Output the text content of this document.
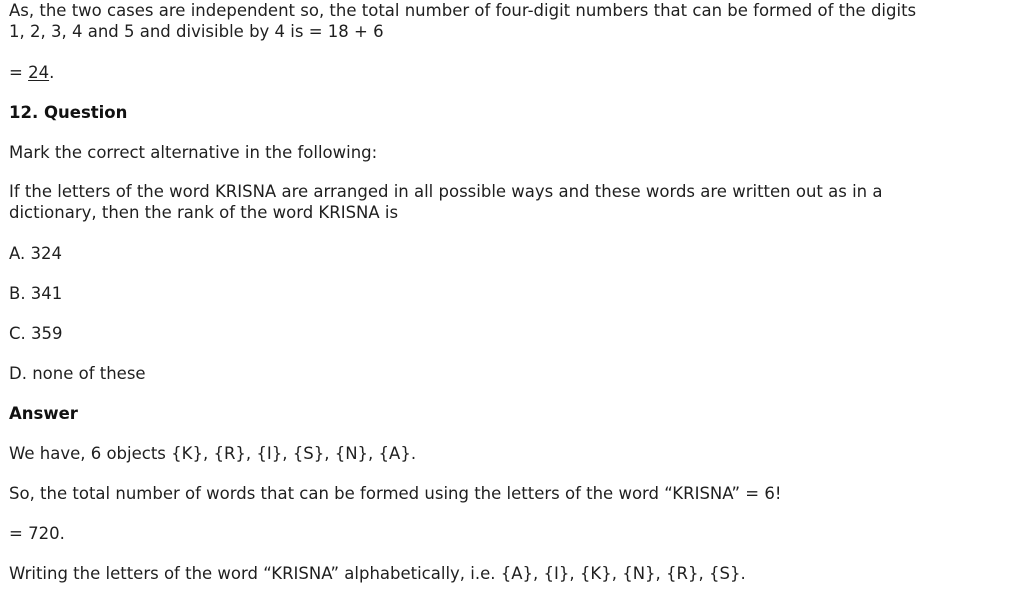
As, the two cases are independent so, the total number of four-digit numbers that can be formed of the digits
1, 2, 3, 4 and 5 and divisible by 4 is = 18 + 6

= 24.

12. Question

Mark the correct alternative in the following:

If the letters of the word KRISNA are arranged in all possible ways and these words are written out as in a
dictionary, then the rank of the word KRISNA is

A. 324

B. 341

C. 359

D. none of these

Answer

We have, 6 objects {K}, {R}, {I}, {S}, {N}, {A}.

So, the total number of words that can be formed using the letters of the word “KRISNA” = 6!

= 720.

Writing the letters of the word “KRISNA” alphabetically, i.e. {A}, {I}, {K}, {N}, {R}, {S}.
